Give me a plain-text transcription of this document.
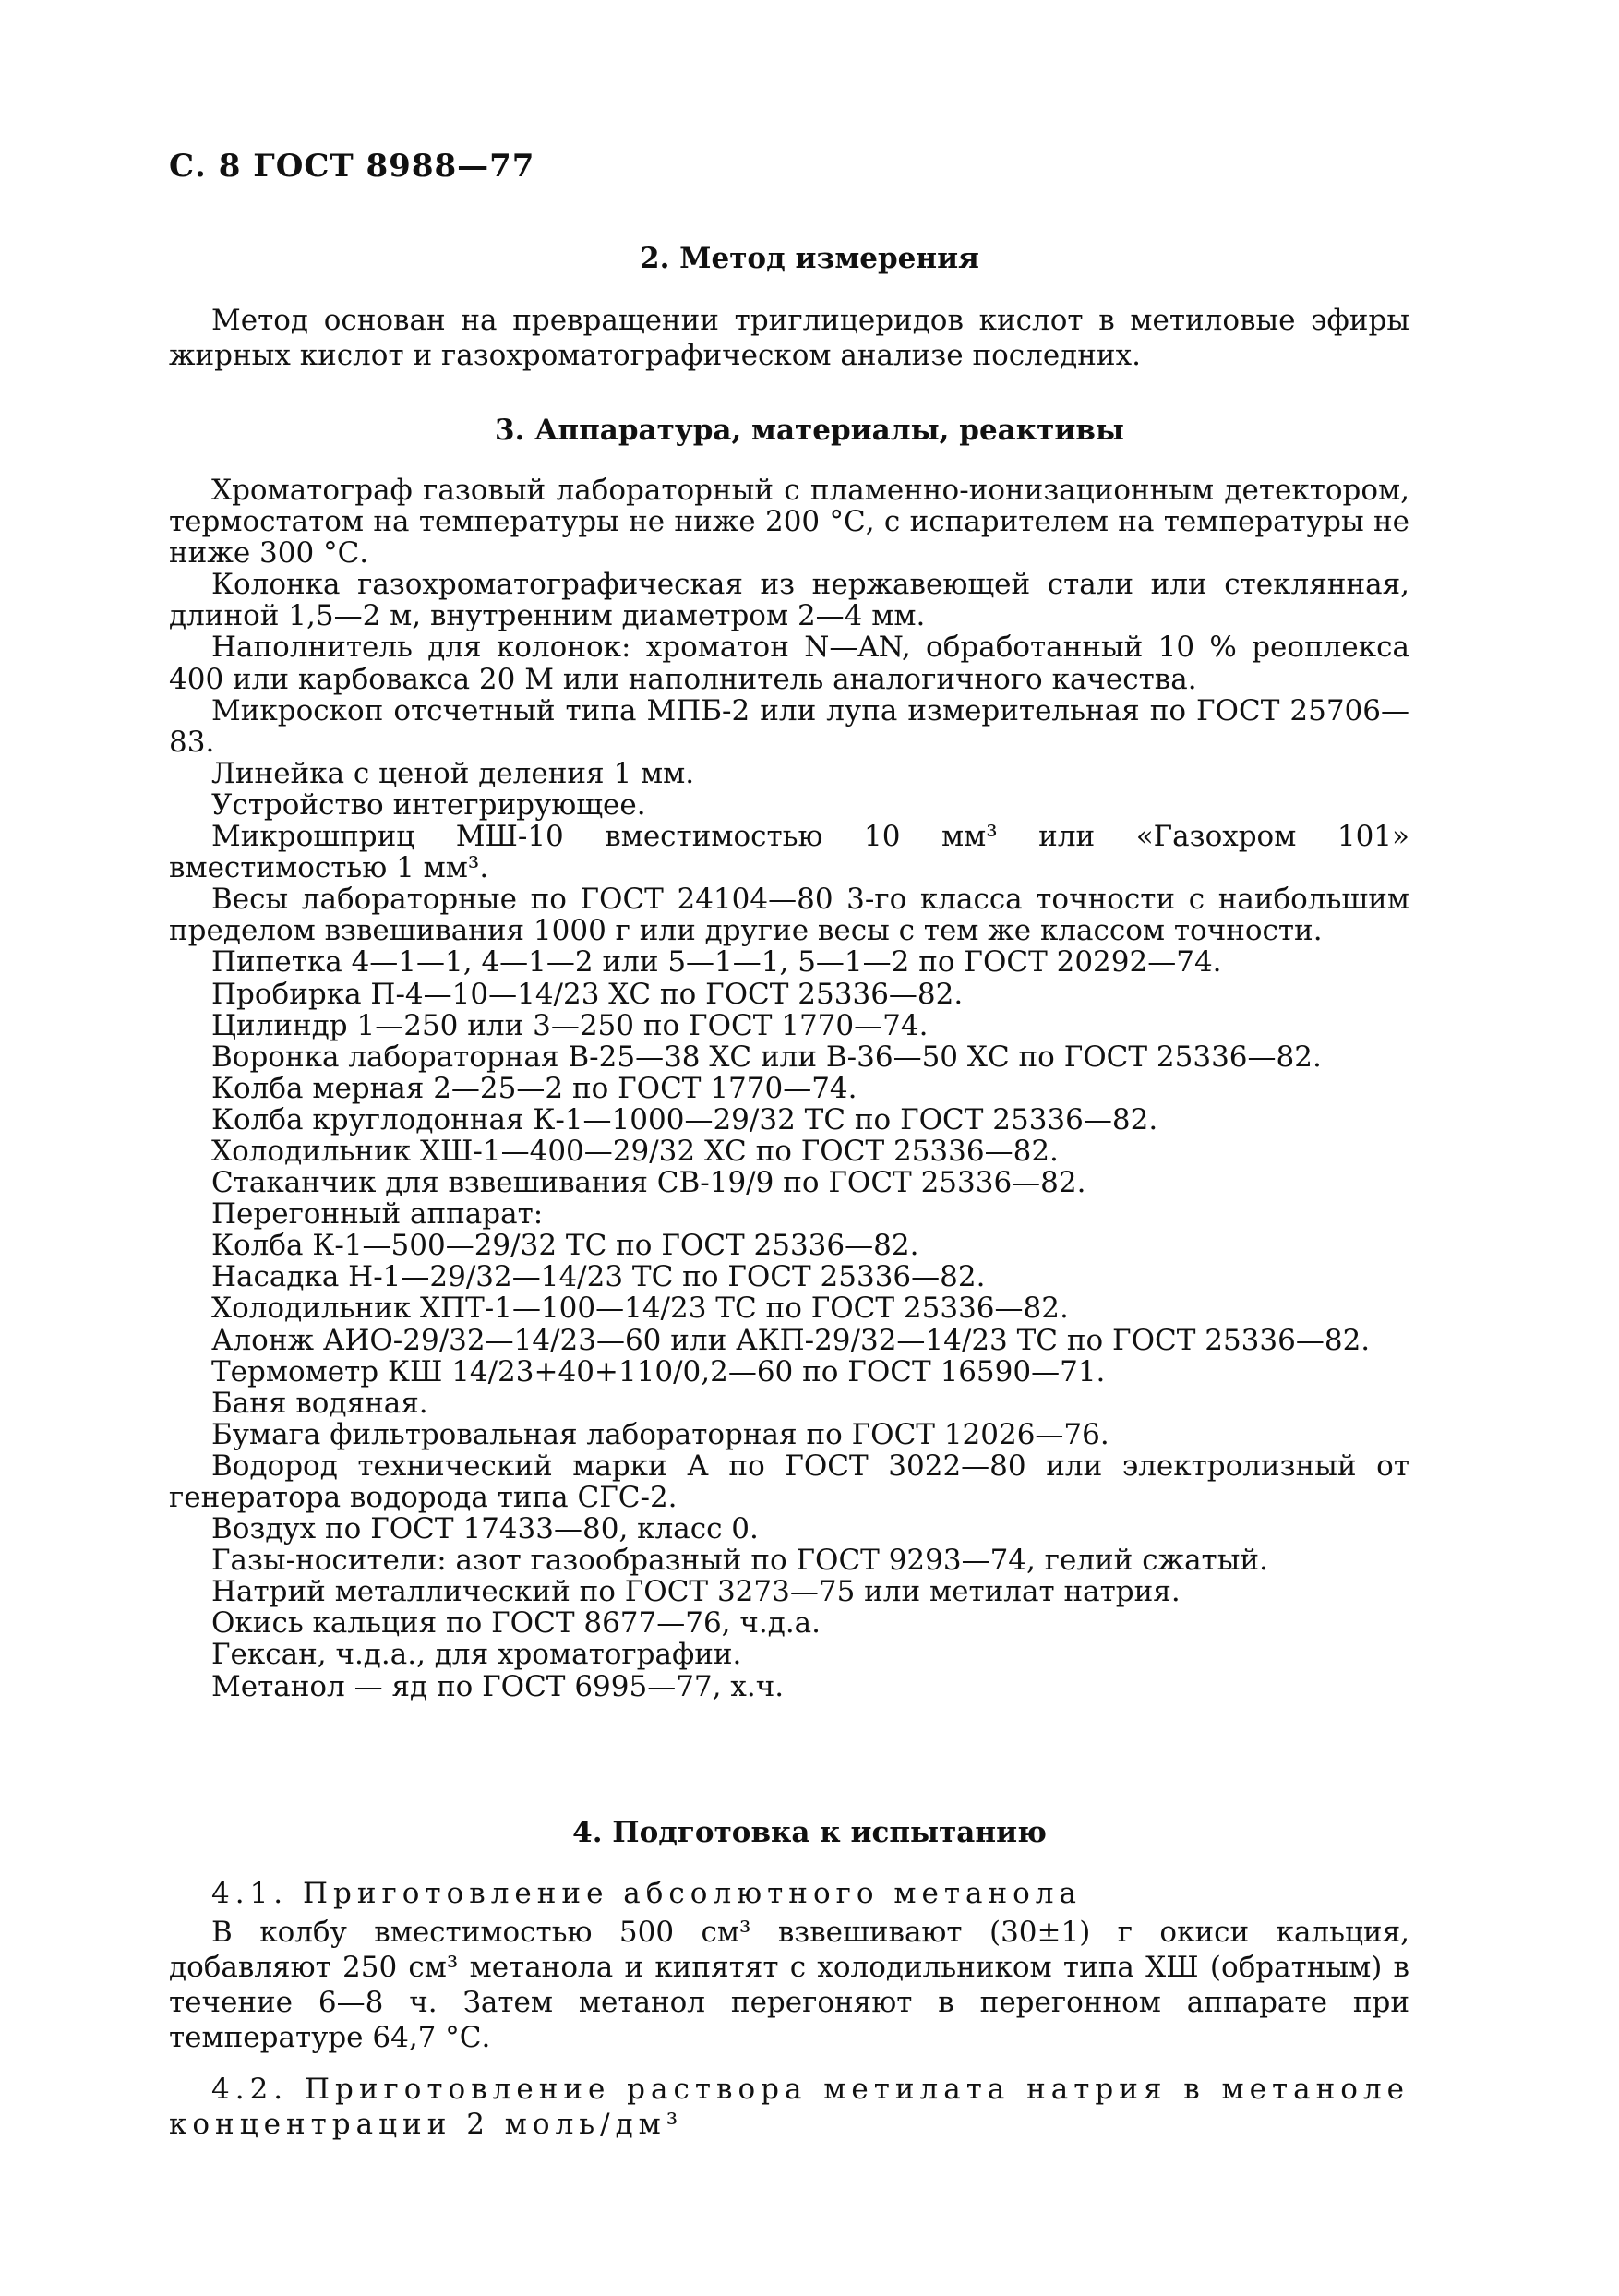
С. 8 ГОСТ 8988—77
2. Метод измерения
Метод основан на превращении триглицеридов кислот в метиловые эфиры жирных кислот и газохроматографическом анализе последних.
3. Аппаратура, материалы, реактивы
Хроматограф газовый лабораторный с пламенно-ионизационным детектором, термостатом на температуры не ниже 200 °С, с испарителем на температуры не ниже 300 °С.
Колонка газохроматографическая из нержавеющей стали или стеклянная, длиной 1,5—2 м, внутренним диаметром 2—4 мм.
Наполнитель для колонок: хроматон N—AN, обработанный 10 % реоплекса 400 или карбовакса 20 М или наполнитель аналогичного качества.
Микроскоп отсчетный типа МПБ-2 или лупа измерительная по ГОСТ 25706—83.
Линейка с ценой деления 1 мм.
Устройство интегрирующее.
Микрошприц МШ-10 вместимостью 10 мм³ или «Газохром 101» вместимостью 1 мм³.
Весы лабораторные по ГОСТ 24104—80 3-го класса точности с наибольшим пределом взвешивания 1000 г или другие весы с тем же классом точности.
Пипетка 4—1—1, 4—1—2 или 5—1—1, 5—1—2 по ГОСТ 20292—74.
Пробирка П-4—10—14/23 ХС по ГОСТ 25336—82.
Цилиндр 1—250 или 3—250 по ГОСТ 1770—74.
Воронка лабораторная В-25—38 ХС или В-36—50 ХС по ГОСТ 25336—82.
Колба мерная 2—25—2 по ГОСТ 1770—74.
Колба круглодонная К-1—1000—29/32 ТС по ГОСТ 25336—82.
Холодильник ХШ-1—400—29/32 ХС по ГОСТ 25336—82.
Стаканчик для взвешивания СВ-19/9 по ГОСТ 25336—82.
Перегонный аппарат:
Колба К-1—500—29/32 ТС по ГОСТ 25336—82.
Насадка Н-1—29/32—14/23 ТС по ГОСТ 25336—82.
Холодильник ХПТ-1—100—14/23 ТС по ГОСТ 25336—82.
Алонж АИО-29/32—14/23—60 или АКП-29/32—14/23 ТС по ГОСТ 25336—82.
Термометр КШ 14/23+40+110/0,2—60 по ГОСТ 16590—71.
Баня водяная.
Бумага фильтровальная лабораторная по ГОСТ 12026—76.
Водород технический марки А по ГОСТ 3022—80 или электролизный от генератора водорода типа СГС-2.
Воздух по ГОСТ 17433—80, класс 0.
Газы-носители: азот газообразный по ГОСТ 9293—74, гелий сжатый.
Натрий металлический по ГОСТ 3273—75 или метилат натрия.
Окись кальция по ГОСТ 8677—76, ч.д.а.
Гексан, ч.д.а., для хроматографии.
Метанол — яд по ГОСТ 6995—77, х.ч.
4. Подготовка к испытанию
4.1. Приготовление абсолютного метанола
В колбу вместимостью 500 см³ взвешивают (30±1) г окиси кальция, добавляют 250 см³ метанола и кипятят с холодильником типа ХШ (обратным) в течение 6—8 ч. Затем метанол перегоняют в перегонном аппарате при температуре 64,7 °С.
4.2. Приготовление раствора метилата натрия в метаноле концентрации 2 моль/дм³
